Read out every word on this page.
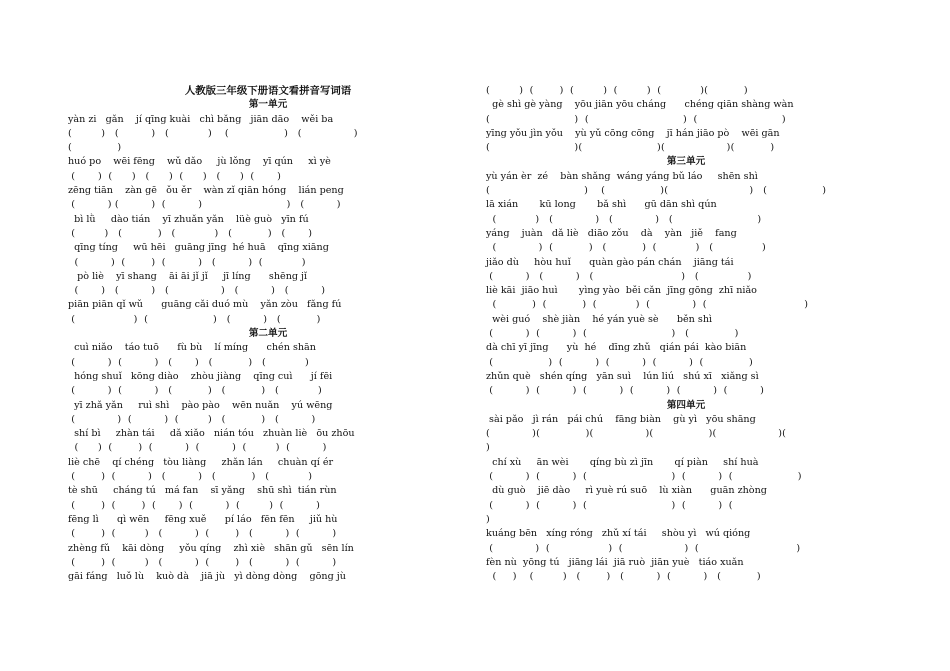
人教版三年级下册语文看拼音写词语
第一单元
yàn zi   gǎn    jí qīng kuài   chì bǎng   jiān dāo    wěi ba
(         )   (          )   (            )    (                 )   (                )
(              )
huó po    wēi fēng    wǔ dǎo     jù lǒng    yī qún     xì yè
(       )  (      )   (      )  (      )   (      )  (       )
zēng tiān    zàn gē   ǒu ěr    wàn zǐ qiān hóng    lián peng
(          ) (          )  (          )                          )   (          )
bì lǜ     dào tián    yī zhuǎn yǎn    lüè guò   yīn fú
(         )   (           )   (            )   (           )   (       )
qīng tíng     wū hēi   guāng jīng  hé huā    qīng xiāng
(          )  (        )  (          )   (          )  (            )
pò liè    yī shang    āi āi jǐ jǐ     jī líng      shēng jǐ
(       )   (          )   (                )   (          )   (          )
piān piān qǐ wǔ      guāng cǎi duó mù    yǎn zòu   fǎng fú
(                  )  (                    )   (          )   (           )
第二单元
cuì niǎo    táo tuō      fù bù    lí míng      chén shān
(          )  (          )   (       )   (           )   (            )
hóng shuǐ   kōng diào    zhòu jiàng    qīng cuì      jí fēi
(          )  (          )   (           )   (           )   (            )
yī zhǎ yǎn     ruì shì    pào pào    wēn nuǎn    yú wēng
(             )  (          )  (         )   (           )   (          )
shí bì     zhàn tái     dǎ xiǎo   nián tóu   zhuàn liè   ōu zhōu
(      )  (        )  (          )  (          )  (         )  (          )
liè chē    qí chéng   tòu liàng     zhǎn lán     chuàn qí ér
(        )  (          )   (          )   (           )   (            )
tè shū     cháng tú   má fan    sī yǎng    shū shì  tián rùn
(        )  (        )  (       )  (          )  (         )  (          )
fēng lì      qì wēn     fēng xuě      pí láo   fēn fēn     jiǔ hù
(        )  (         )   (          )  (        )   (          )  (          )
zhèng fǔ    kāi dòng     yǒu qíng    zhì xiè   shān gǔ   sēn lín
(        )  (         )   (          )  (        )   (          )  (          )
gāi fáng   luǒ lù    kuò dà    jiā jù   yì dòng dòng    gōng jù
(         )  (        )  (         )  (         )  (            )(           )
gè shì gè yàng    yōu jiān yōu cháng      chéng qiān shàng wàn
(                          )  (                             )  (                          )
yīng yǒu jìn yǒu    yù yǔ cōng cōng    jī hán jiāo pò    wēi gān
(                          )(                       )(                   )(           )
第三单元
yù yán èr  zé    bàn shǎng  wáng yáng bǔ láo     shēn shì
(                             )    (                 )(                         )   (                 )
lā xián       kū long       bǎ shì      gū dān shì qún
(            )   (             )   (             )   (                          )
yáng    juàn   dǎ liè   diāo zǒu    dà    yàn   jiě    fang
(             )  (           )   (           )  (            )   (               )
jiǎo dù     hòu huǐ      quàn gào pán chán    jiāng tái
(          )   (          )   (                           )   (               )
liè kāi  jiāo huì       yìng yào  běi cǎn  jīng gōng  zhī niǎo
(           )  (           )  (            )  (             )  (                              )
wèi guó    shè jiàn    hé yán yuè sè      běn shì
(          )  (          )  (                          )   (              )
dà chī yī jīng      yù  hé    dīng zhǔ   qián pái  kào biān
(                 )  (          )  (          )  (          )  (              )
zhǔn què   shén qíng   yān suì    lún liú   shú xī   xiǎng sì
(          )  (          )  (          )  (          )  (          )  (          )
第四单元
sài pǎo   jì rán   pái chú    fāng biàn    gù yì   yōu shāng
(             )(              )(                )(                 )(                   )(
)
chí xù     ān wèi       qíng bù zì jīn       qí piàn     shí huà
(          )  (          )  (                          )  (          )  (                    )
dù guò    jiē dào     rì yuè rú suō    lù xiàn      guān zhòng
(          )  (          )  (                          )  (          )  (
)
kuáng bēn   xíng róng   zhǔ xí tái     shòu yì   wú qióng
(             )  (                  )  (                   )  (                              )
fèn nù  yōng tú   jiāng lái  jiā ruò  jiān yuè   tiáo xuǎn
(     )    (         )   (        )   (          )  (          )   (           )
